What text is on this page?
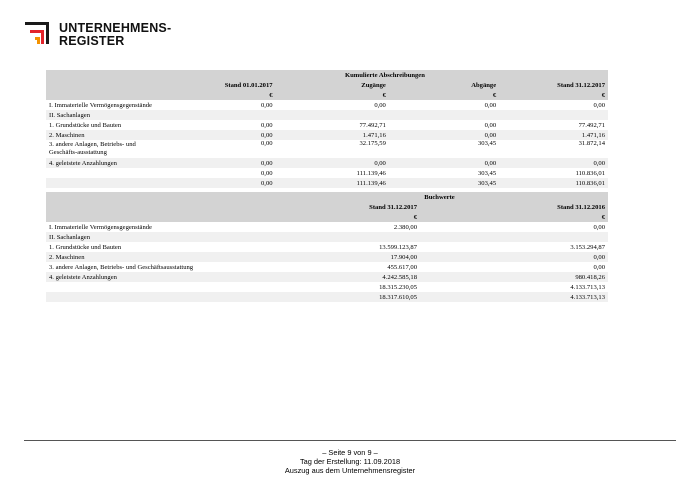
UNTERNEHMENS-
REGISTER
	Kumulierte Abschreibungen			
	Stand 01.01.2017	Zugänge	Abgänge	Stand 31.12.2017
	€	€	€	€
I. Immaterielle Vermögensgegenstände	0,00	0,00	0,00	0,00
II. Sachanlagen				
1. Grundstücke und Bauten	0,00	77.492,71	0,00	77.492,71
2. Maschinen	0,00	1.471,16	0,00	1.471,16
3. andere Anlagen, Betriebs- und Geschäfts-ausstattung	0,00	32.175,59	303,45	31.872,14
4. geleistete Anzahlungen	0,00	0,00	0,00	0,00
	0,00	111.139,46	303,45	110.836,01
	0,00	111.139,46	303,45	110.836,01
	Buchwerte	
	Stand 31.12.2017	Stand 31.12.2016
	€	€
I. Immaterielle Vermögensgegenstände	2.380,00	0,00
II. Sachanlagen		
1. Grundstücke und Bauten	13.599.123,87	3.153.294,87
2. Maschinen	17.904,00	0,00
3. andere Anlagen, Betriebs- und Geschäftsausstattung	455.617,00	0,00
4. geleistete Anzahlungen	4.242.585,18	980.418,26
	18.315.230,05	4.133.713,13
	18.317.610,05	4.133.713,13
– Seite 9 von 9 –
Tag der Erstellung: 11.09.2018
Auszug aus dem Unternehmensregister
